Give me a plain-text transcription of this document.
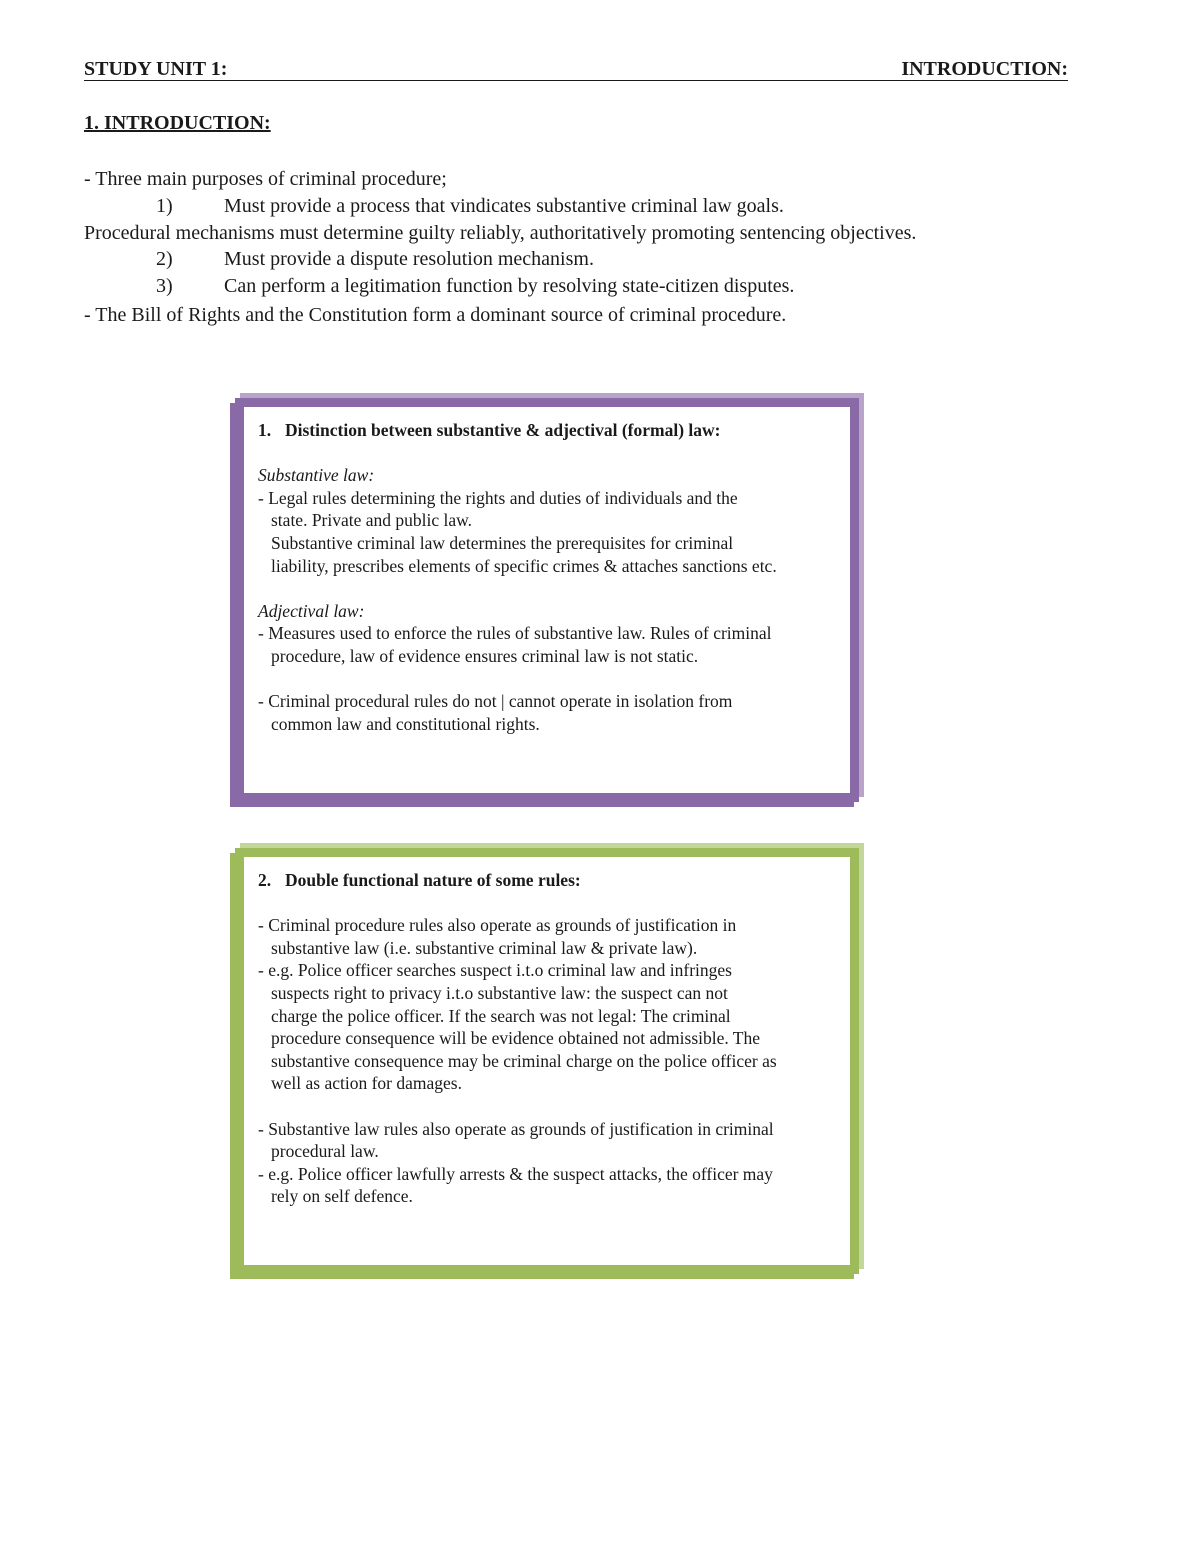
STUDY UNIT 1:	INTRODUCTION:
1. INTRODUCTION:
- Three main purposes of criminal procedure;
1)	Must provide a process that vindicates substantive criminal law goals.
Procedural mechanisms must determine guilty reliably, authoritatively promoting sentencing objectives.
2)	Must provide a dispute resolution mechanism.
3)	Can perform a legitimation function by resolving state-citizen disputes.
- The Bill of Rights and the Constitution form a dominant source of criminal procedure.
1. Distinction between substantive & adjectival (formal) law:
Substantive law:
- Legal rules determining the rights and duties of individuals and the
state. Private and public law.
Substantive criminal law determines the prerequisites for criminal
liability, prescribes elements of specific crimes & attaches sanctions etc.
Adjectival law:
- Measures used to enforce the rules of substantive law. Rules of criminal
procedure, law of evidence ensures criminal law is not static.
- Criminal procedural rules do not | cannot operate in isolation from
common law and constitutional rights.
2. Double functional nature of some rules:
- Criminal procedure rules also operate as grounds of justification in
substantive law (i.e. substantive criminal law & private law).
- e.g. Police officer searches suspect i.t.o criminal law and infringes
suspects right to privacy i.t.o substantive law: the suspect can not
charge the police officer. If the search was not legal: The criminal
procedure consequence will be evidence obtained not admissible. The
substantive consequence may be criminal charge on the police officer as
well as action for damages.
- Substantive law rules also operate as grounds of justification in criminal
procedural law.
- e.g. Police officer lawfully arrests & the suspect attacks, the officer may
rely on self defence.
